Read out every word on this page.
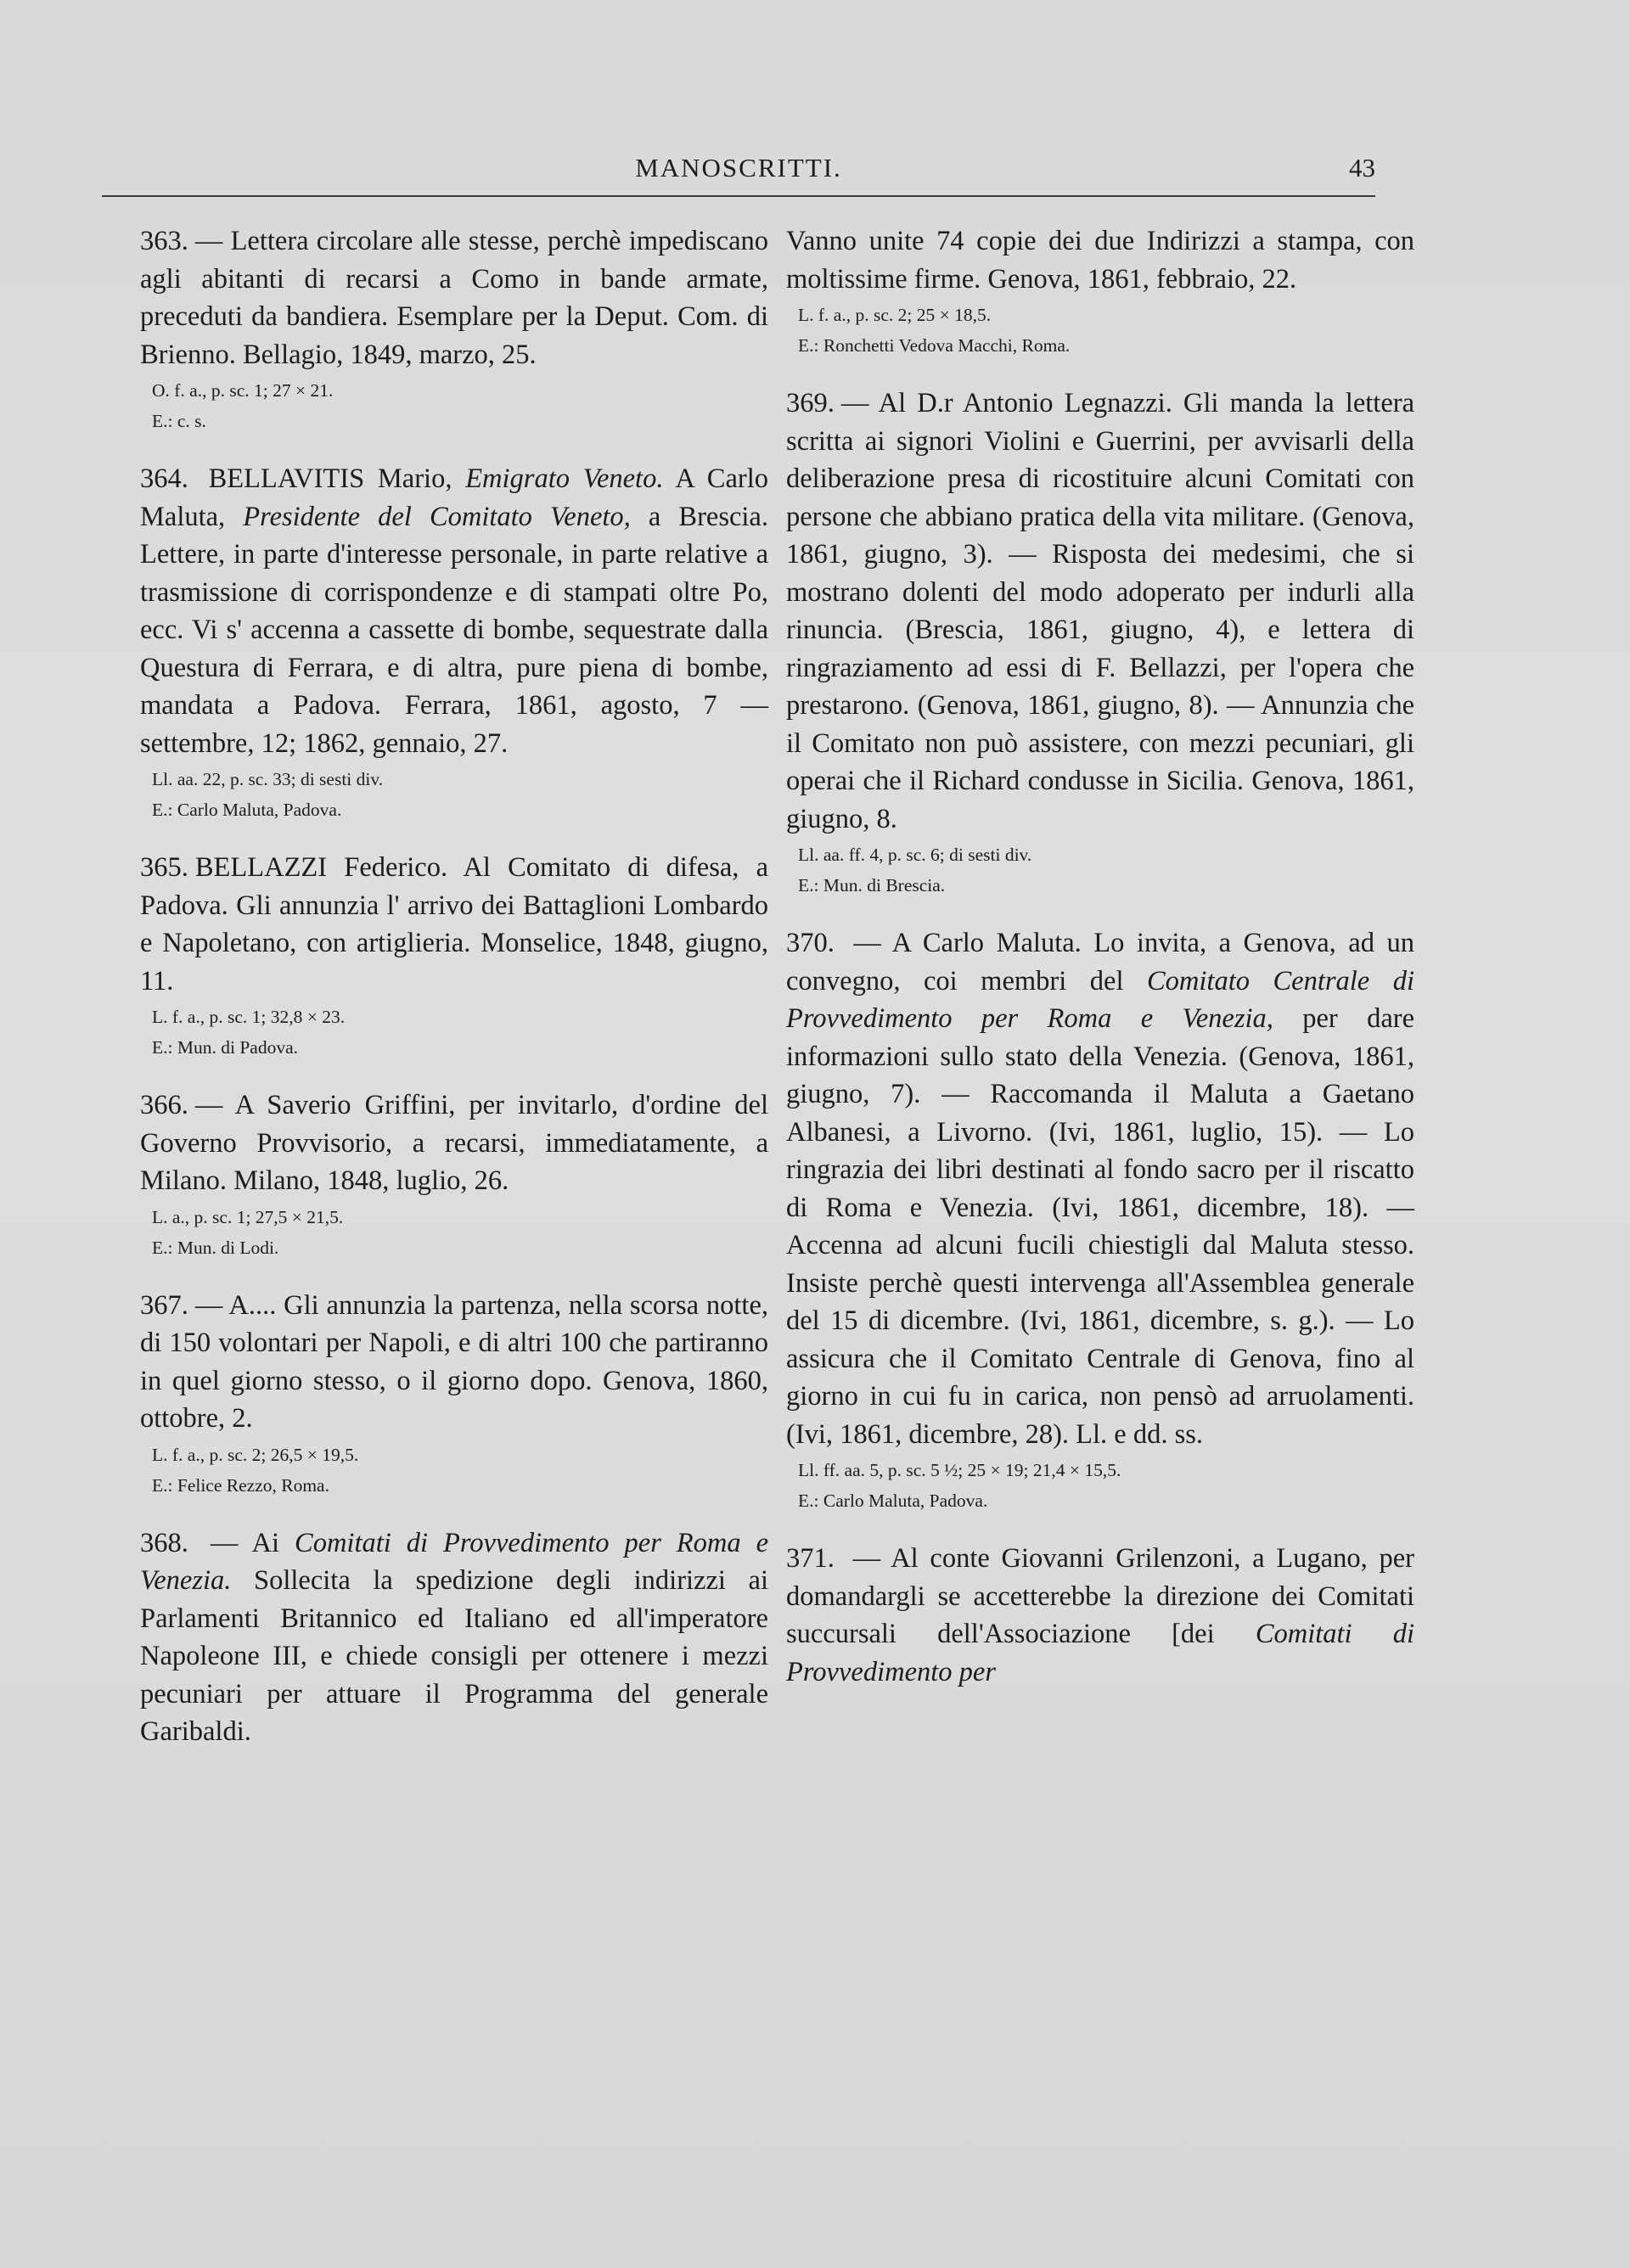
MANOSCRITTI.	43

363. — Lettera circolare alle stesse, perchè impediscano agli abitanti di recarsi a Como in bande armate, preceduti da bandiera. Esemplare per la Deput. Com. di Brienno. Bellagio, 1849, marzo, 25.

O. f. a., p. sc. 1; 27 × 21.
E.: c. s.

364. BELLAVITIS Mario, Emigrato Veneto. A Carlo Maluta, Presidente del Comitato Veneto, a Brescia. Lettere, in parte d'interesse personale, in parte relative a trasmissione di corrispondenze e di stampati oltre Po, ecc. Vi s' accenna a cassette di bombe, sequestrate dalla Questura di Ferrara, e di altra, pure piena di bombe, mandata a Padova. Ferrara, 1861, agosto, 7 — settembre, 12; 1862, gennaio, 27.

Ll. aa. 22, p. sc. 33; di sesti div.
E.: Carlo Maluta, Padova.

365. BELLAZZI Federico. Al Comitato di difesa, a Padova. Gli annunzia l' arrivo dei Battaglioni Lombardo e Napoletano, con artiglieria. Monselice, 1848, giugno, 11.

L. f. a., p. sc. 1; 32,8 × 23.
E.: Mun. di Padova.

366. — A Saverio Griffini, per invitarlo, d'ordine del Governo Provvisorio, a recarsi, immediatamente, a Milano. Milano, 1848, luglio, 26.

L. a., p. sc. 1; 27,5 × 21,5.
E.: Mun. di Lodi.

367. — A.... Gli annunzia la partenza, nella scorsa notte, di 150 volontari per Napoli, e di altri 100 che partiranno in quel giorno stesso, o il giorno dopo. Genova, 1860, ottobre, 2.

L. f. a., p. sc. 2; 26,5 × 19,5.
E.: Felice Rezzo, Roma.

368. — Ai Comitati di Provvedimento per Roma e Venezia. Sollecita la spedizione degli indirizzi ai Parlamenti Britannico ed Italiano ed all'imperatore Napoleone III, e chiede consigli per ottenere i mezzi pecuniari per attuare il Programma del generale Garibaldi.

Vanno unite 74 copie dei due Indirizzi a stampa, con moltissime firme. Genova, 1861, febbraio, 22.

L. f. a., p. sc. 2; 25 × 18,5.
E.: Ronchetti Vedova Macchi, Roma.

369. — Al D.r Antonio Legnazzi. Gli manda la lettera scritta ai signori Violini e Guerrini, per avvisarli della deliberazione presa di ricostituire alcuni Comitati con persone che abbiano pratica della vita militare. (Genova, 1861, giugno, 3). — Risposta dei medesimi, che si mostrano dolenti del modo adoperato per indurli alla rinuncia. (Brescia, 1861, giugno, 4), e lettera di ringraziamento ad essi di F. Bellazzi, per l'opera che prestarono. (Genova, 1861, giugno, 8). — Annunzia che il Comitato non può assistere, con mezzi pecuniari, gli operai che il Richard condusse in Sicilia. Genova, 1861, giugno, 8.

Ll. aa. ff. 4, p. sc. 6; di sesti div.
E.: Mun. di Brescia.

370. — A Carlo Maluta. Lo invita, a Genova, ad un convegno, coi membri del Comitato Centrale di Provvedimento per Roma e Venezia, per dare informazioni sullo stato della Venezia. (Genova, 1861, giugno, 7). — Raccomanda il Maluta a Gaetano Albanesi, a Livorno. (Ivi, 1861, luglio, 15). — Lo ringrazia dei libri destinati al fondo sacro per il riscatto di Roma e Venezia. (Ivi, 1861, dicembre, 18). — Accenna ad alcuni fucili chiestigli dal Maluta stesso. Insiste perchè questi intervenga all'Assemblea generale del 15 di dicembre. (Ivi, 1861, dicembre, s. g.). — Lo assicura che il Comitato Centrale di Genova, fino al giorno in cui fu in carica, non pensò ad arruolamenti. (Ivi, 1861, dicembre, 28). Ll. e dd. ss.

Ll. ff. aa. 5, p. sc. 5 ½; 25 × 19; 21,4 × 15,5.
E.: Carlo Maluta, Padova.

371. — Al conte Giovanni Grilenzoni, a Lugano, per domandargli se accetterebbe la direzione dei Comitati succursali dell'Associazione [dei Comitati di Provvedimento per
